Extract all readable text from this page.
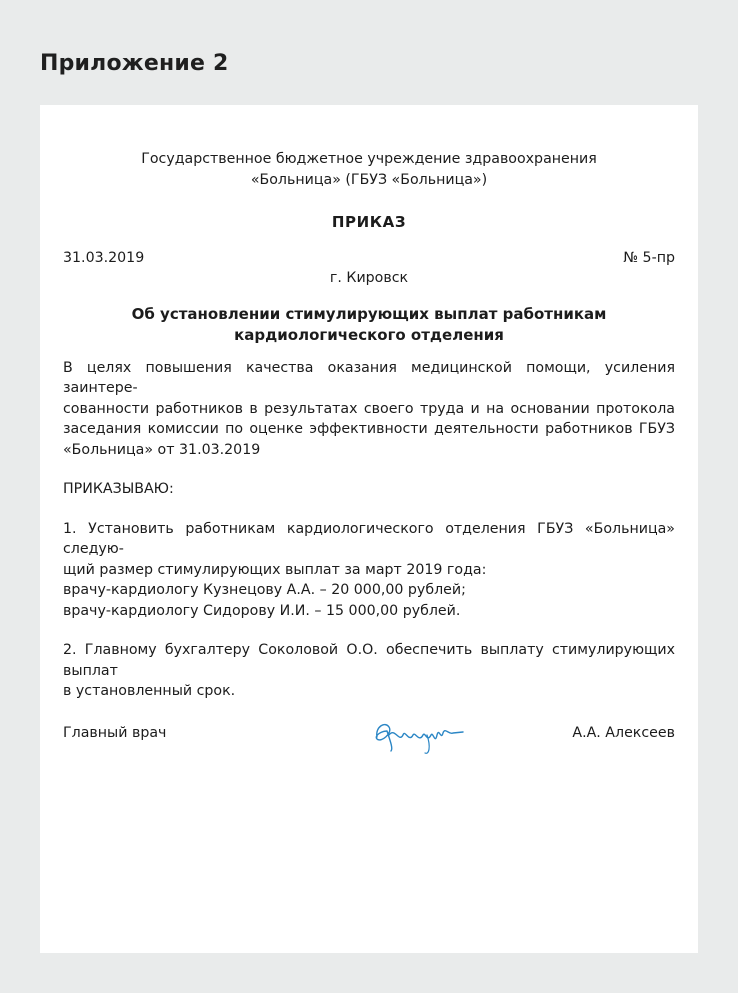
Приложение 2
Государственное бюджетное учреждение здравоохранения
«Больница» (ГБУЗ «Больница»)
ПРИКАЗ
31.03.2019	№ 5-пр
г. Кировск
Об установлении стимулирующих выплат работникам
кардиологического отделения
В целях повышения качества оказания медицинской помощи, усиления заинтере-
сованности работников в результатах своего труда и на основании протокола
заседания комиссии по оценке эффективности деятельности работников ГБУЗ
«Больница» от 31.03.2019
ПРИКАЗЫВАЮ:
1. Установить работникам кардиологического отделения ГБУЗ «Больница» следую-
щий размер стимулирующих выплат за март 2019 года:
врачу-кардиологу Кузнецову А.А. – 20 000,00 рублей;
врачу-кардиологу Сидорову И.И. – 15 000,00 рублей.
2. Главному бухгалтеру Соколовой О.О. обеспечить выплату стимулирующих выплат
в установленный срок.
Главный врач	А.А. Алексеев
